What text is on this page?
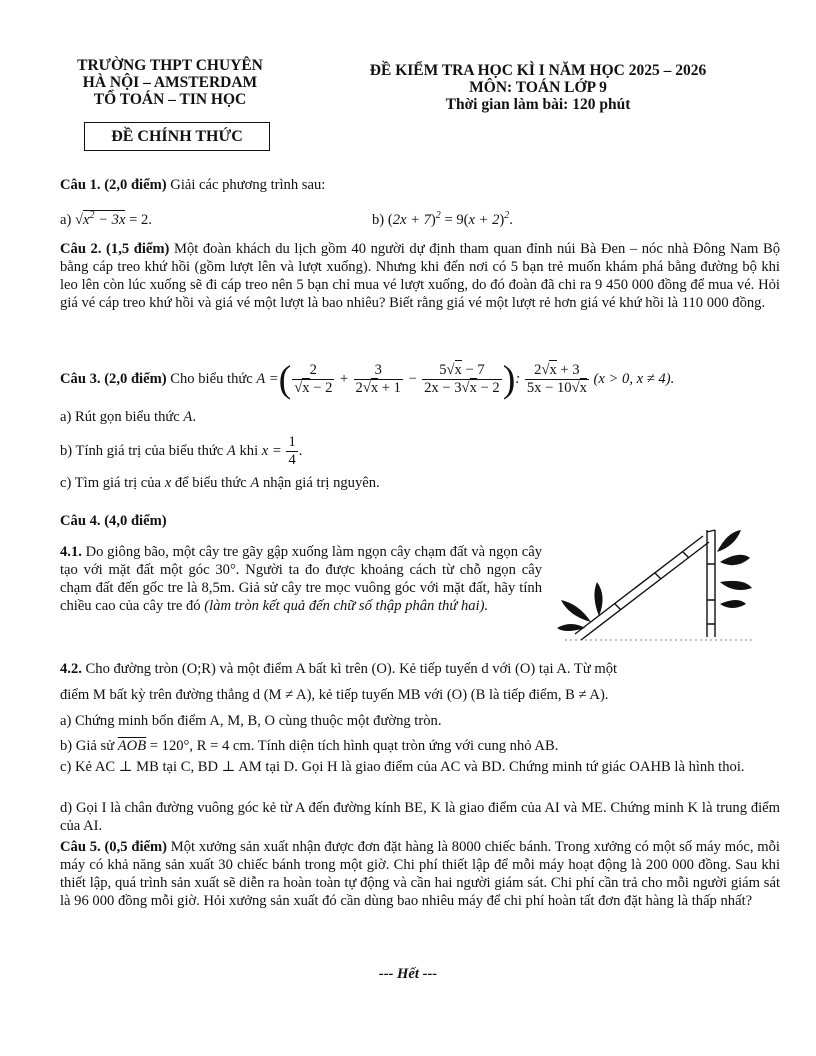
TRƯỜNG THPT CHUYÊN
HÀ NỘI – AMSTERDAM
TỔ TOÁN – TIN HỌC
ĐỀ CHÍNH THỨC
ĐỀ KIỂM TRA HỌC KÌ I NĂM HỌC 2025 – 2026
MÔN: TOÁN LỚP 9
Thời gian làm bài: 120 phút
Câu 1. (2,0 điểm) Giải các phương trình sau:
a) $√x^2 - 3x = 2$.	b) $(2x + 7)^2 = 9(x + 2)^2$.
Câu 2. (1,5 điểm) Một đoàn khách du lịch gồm 40 người dự định tham quan đỉnh núi Bà Đen – nóc nhà Đông Nam Bộ bằng cáp treo khứ hồi (gồm lượt lên và lượt xuống). Nhưng khi đến nơi có 5 bạn trẻ muốn khám phá bằng đường bộ khi leo lên còn lúc xuống sẽ đi cáp treo nên 5 bạn chỉ mua vé lượt xuống, do đó đoàn đã chi ra 9 450 000 đồng để mua vé. Hỏi giá vé cáp treo khứ hồi và giá vé một lượt là bao nhiêu? Biết rằng giá vé một lượt rẻ hơn giá vé khứ hồi là 110 000 đồng.
Câu 3. (2,0 điểm) Cho biểu thức A =( $\frac{2}{√x - 2} + \frac{3}{2√x + 1} - \frac{5√x - 7}{2x - 3√x - 2}$ ): $\frac{2√x + 3}{5x - 10√x} (x > 0$, x ≠ 4).
a) Rút gọn biểu thức A.
b) Tính giá trị của biểu thức A khi $x = \frac{1}{4}$ .
c) Tìm giá trị của x để biểu thức A nhận giá trị nguyên.
Câu 4. (4,0 điểm)
4.1. Do giông bão, một cây tre gãy gập xuống làm ngọn cây chạm đất và ngọn cây tạo với mặt đất một góc 30°. Người ta đo được khoảng cách từ chỗ ngọn cây chạm đất đến gốc tre là 8,5m. Giả sử cây tre mọc vuông góc với mặt đất, hãy tính chiều cao của cây tre đó (làm tròn kết quả đến chữ số thập phân thứ hai).
4.2. Cho đường tròn (O;R) và một điểm A bất kì trên (O). Kẻ tiếp tuyến d với (O) tại A. Từ một
điểm M bất kỳ trên đường thẳng d (M ≠ A), kẻ tiếp tuyến MB với (O) (B là tiếp điểm, B ≠ A).
a) Chứng minh bốn điểm A, M, B, O cùng thuộc một đường tròn.
b) Giả sử $\overline{AOB} = 120^\circ$, R = 4 cm. Tính diện tích hình quạt tròn ứng với cung nhỏ AB.
c) Kẻ AC ⊥ MB tại C, BD ⊥ AM tại D. Gọi H là giao điểm của AC và BD. Chứng minh tứ giác OAHB là hình thoi.
d) Gọi I là chân đường vuông góc kẻ từ A đến đường kính BE, K là giao điểm của AI và ME. Chứng minh K là trung điểm của AI.
Câu 5. (0,5 điểm) Một xưởng sản xuất nhận được đơn đặt hàng là 8000 chiếc bánh. Trong xưởng có một số máy móc, mỗi máy có khả năng sản xuất 30 chiếc bánh trong một giờ. Chi phí thiết lập để mỗi máy hoạt động là 200 000 đồng. Sau khi thiết lập, quá trình sản xuất sẽ diễn ra hoàn toàn tự động và cần hai người giám sát. Chi phí cần trả cho mỗi người giám sát là 96 000 đồng mỗi giờ. Hỏi xưởng sản xuất đó cần dùng bao nhiêu máy để chi phí hoàn tất đơn đặt hàng là thấp nhất?
--- Hết ---
